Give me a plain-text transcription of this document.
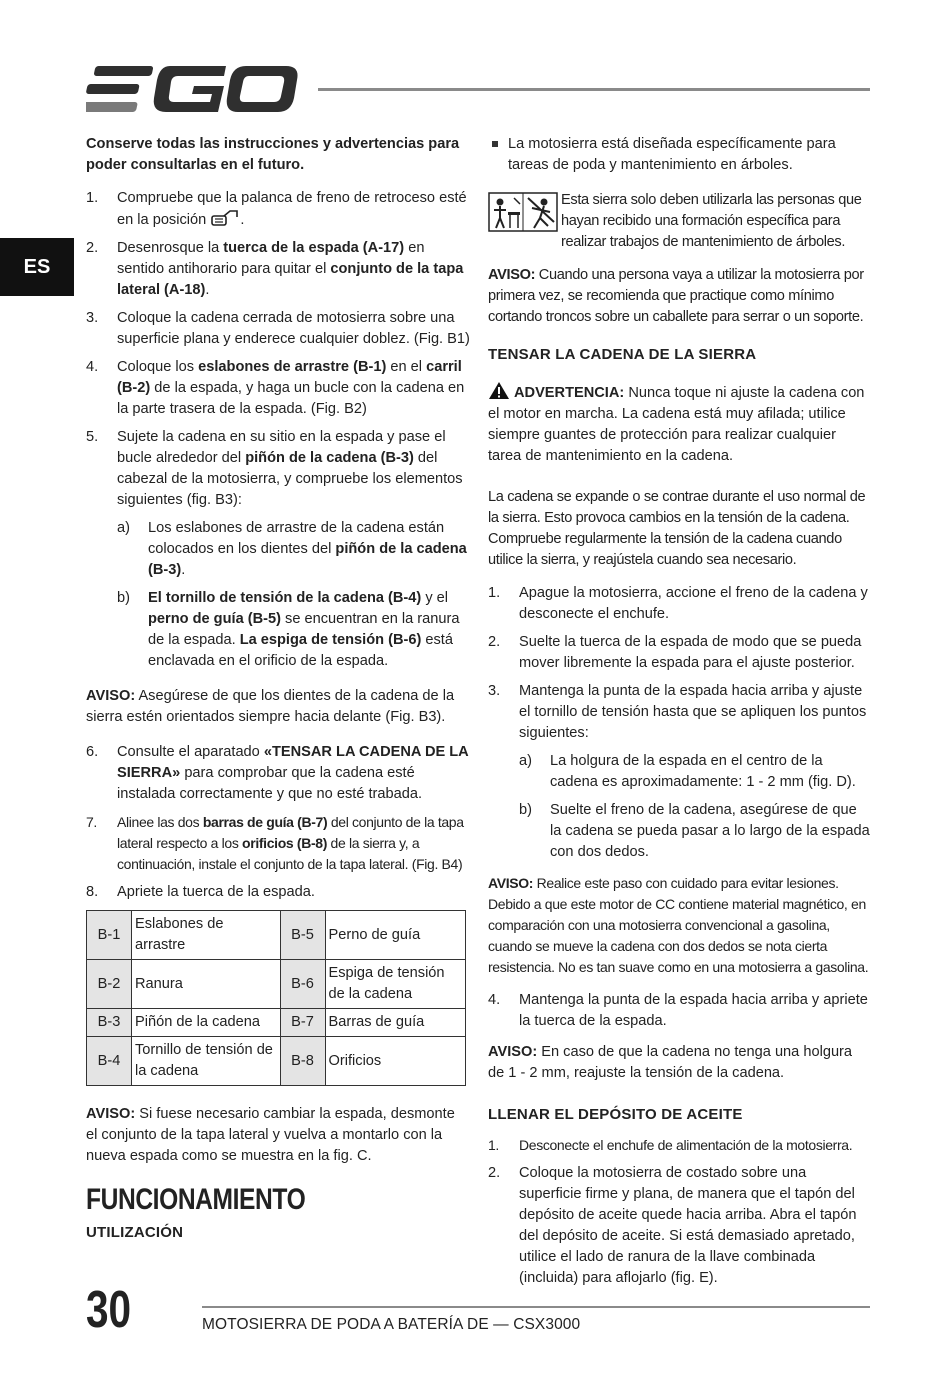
ES

Conserve todas las instrucciones y advertencias para poder consultarlas en el futuro.

1. Compruebe que la palanca de freno de retroceso esté en la posición .
2. Desenrosque la tuerca de la espada (A-17) en sentido antihorario para quitar el conjunto de la tapa lateral (A-18).
3. Coloque la cadena cerrada de motosierra sobre una superficie plana y enderece cualquier doblez. (Fig. B1)
4. Coloque los eslabones de arrastre (B-1) en el carril (B-2) de la espada, y haga un bucle con la cadena en la parte trasera de la espada. (Fig. B2)
5. Sujete la cadena en su sitio en la espada y pase el bucle alrededor del piñón de la cadena (B-3) del cabezal de la motosierra, y compruebe los elementos siguientes (fig. B3):
a) Los eslabones de arrastre de la cadena están colocados en los dientes del piñón de la cadena (B-3).
b) El tornillo de tensión de la cadena (B-4) y el perno de guía (B-5) se encuentran en la ranura de la espada. La espiga de tensión (B-6) está enclavada en el orificio de la espada.

AVISO: Asegúrese de que los dientes de la cadena de la sierra estén orientados siempre hacia delante (Fig. B3).

6. Consulte el aparatado «TENSAR LA CADENA DE LA SIERRA» para comprobar que la cadena esté instalada correctamente y que no esté trabada.
7. Alinee las dos barras de guía (B-7) del conjunto de la tapa lateral respecto a los orificios (B-8) de la sierra y, a continuación, instale el conjunto de la tapa lateral. (Fig. B4)
8. Apriete la tuerca de la espada.
B-1	Eslabones de arrastre	B-5	Perno de guía
B-2	Ranura	B-6	Espiga de tensión de la cadena
B-3	Piñón de la cadena	B-7	Barras de guía
B-4	Tornillo de tensión de la cadena	B-8	Orificios

AVISO: Si fuese necesario cambiar la espada, desmonte el conjunto de la tapa lateral y vuelva a montarlo con la nueva espada como se muestra en la fig. C.

FUNCIONAMIENTO
UTILIZACIÓN
La motosierra está diseñada específicamente para tareas de poda y mantenimiento en árboles.
Esta sierra solo deben utilizarla las personas que hayan recibido una formación específica para realizar trabajos de mantenimiento de árboles.

AVISO: Cuando una persona vaya a utilizar la motosierra por primera vez, se recomienda que practique como mínimo cortando troncos sobre un caballete para serrar o un soporte.

TENSAR LA CADENA DE LA SIERRA

ADVERTENCIA: Nunca toque ni ajuste la cadena con el motor en marcha. La cadena está muy afilada; utilice siempre guantes de protección para realizar cualquier tarea de mantenimiento en la cadena.

La cadena se expande o se contrae durante el uso normal de la sierra. Esto provoca cambios en la tensión de la cadena. Compruebe regularmente la tensión de la cadena cuando utilice la sierra, y reajústela cuando sea necesario.

1. Apague la motosierra, accione el freno de la cadena y desconecte el enchufe.
2. Suelte la tuerca de la espada de modo que se pueda mover libremente la espada para el ajuste posterior.
3. Mantenga la punta de la espada hacia arriba y ajuste el tornillo de tensión hasta que se apliquen los puntos siguientes:
a) La holgura de la espada en el centro de la cadena es aproximadamente: 1 - 2 mm (fig. D).
b) Suelte el freno de la cadena, asegúrese de que la cadena se pueda pasar a lo largo de la espada con dos dedos.

AVISO: Realice este paso con cuidado para evitar lesiones. Debido a que este motor de CC contiene material magnético, en comparación con una motosierra convencional a gasolina, cuando se mueve la cadena con dos dedos se nota cierta resistencia. No es tan suave como en una motosierra a gasolina.

4. Mantenga la punta de la espada hacia arriba y apriete la tuerca de la espada.

AVISO: En caso de que la cadena no tenga una holgura de 1 - 2 mm, reajuste la tensión de la cadena.

LLENAR EL DEPÓSITO DE ACEITE
1. Desconecte el enchufe de alimentación de la motosierra.
2. Coloque la motosierra de costado sobre una superficie firme y plana, de manera que el tapón del depósito de aceite quede hacia arriba. Abra el tapón del depósito de aceite. Si está demasiado apretado, utilice el lado de ranura de la llave combinada (incluida) para aflojarlo (fig. E).
30	MOTOSIERRA DE PODA A BATERÍA DE — CSX3000
